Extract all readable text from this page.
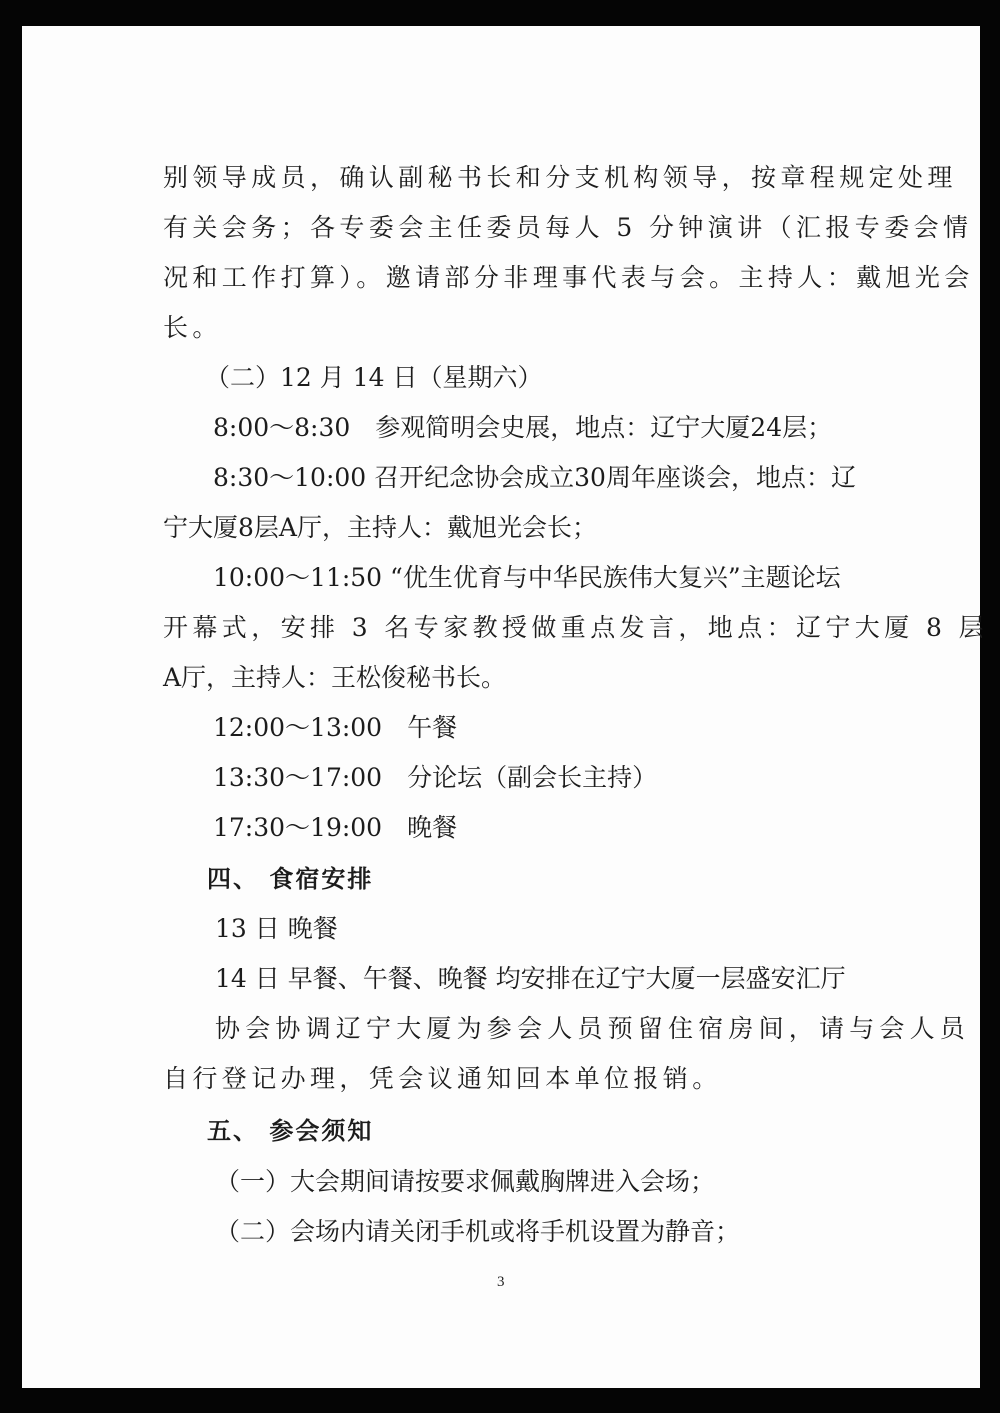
别领导成员，确认副秘书长和分支机构领导，按章程规定处理

有关会务；各专委会主任委员每人 5 分钟演讲（汇报专委会情

况和工作打算）。邀请部分非理事代表与会。主持人：戴旭光会

长。

（二）12 月 14 日（星期六）

8:00～8:30　参观简明会史展，地点：辽宁大厦24层；

8:30～10:00 召开纪念协会成立30周年座谈会，地点：辽

宁大厦8层A厅，主持人：戴旭光会长；

10:00～11:50 “优生优育与中华民族伟大复兴”主题论坛

开幕式，安排 3 名专家教授做重点发言，地点：辽宁大厦 8 层

A厅，主持人：王松俊秘书长。

12:00～13:00　午餐

13:30～17:00　分论坛（副会长主持）

17:30～19:00　晚餐

四、 食宿安排

13 日 晚餐

14 日 早餐、午餐、晚餐 均安排在辽宁大厦一层盛安汇厅

协会协调辽宁大厦为参会人员预留住宿房间，请与会人员

自行登记办理，凭会议通知回本单位报销。

五、 参会须知

（一）大会期间请按要求佩戴胸牌进入会场；

（二）会场内请关闭手机或将手机设置为静音；

3
